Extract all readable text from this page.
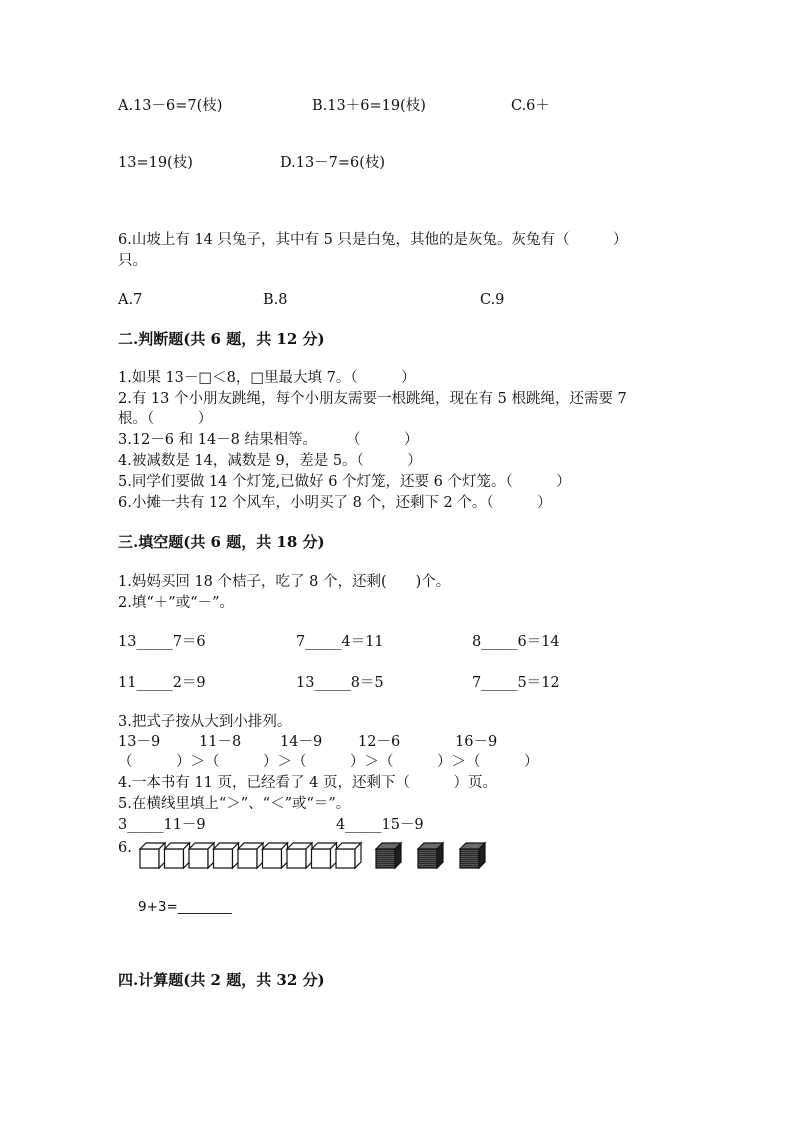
A.13－6=7(枝)	B.13＋6=19(枝)	C.6＋
13=19(枝)	D.13－7=6(枝)
6.山坡上有 14 只兔子，其中有 5 只是白兔，其他的是灰兔。灰兔有（　　　）
只。
A.7	B.8	C.9
二.判断题(共 6 题，共 12 分)
1.如果 13－□＜8，□里最大填 7。（　　　）
2.有 13 个小朋友跳绳，每个小朋友需要一根跳绳，现在有 5 根跳绳，还需要 7
根。（　　　）
3.12－6 和 14－8 结果相等。　　　（　　　）
4.被减数是 14，减数是 9，差是 5。（　　　）
5.同学们要做 14 个灯笼,已做好 6 个灯笼，还要 6 个灯笼。（　　　）
6.小摊一共有 12 个风车，小明买了 8 个，还剩下 2 个。（　　　）
三.填空题(共 6 题，共 18 分)
1.妈妈买回 18 个桔子，吃了 8 个，还剩(　　)个。
2.填“＋”或“－”。
13_____7＝6	7_____4＝11	8_____6＝14
11_____2＝9	13_____8＝5	7_____5＝12
3.把式子按从大到小排列。
13－9	11－8	14－9 12－6	16－9
（　　　）＞（　　　）＞（　　　）＞（　　　）＞（　　　）
4.一本书有 11 页，已经看了 4 页，还剩下（　　　）页。
5.在横线里填上“＞”、“＜”或“＝”。
3_____11－9	4_____15－9
6.
9+3=________
四.计算题(共 2 题，共 32 分)
